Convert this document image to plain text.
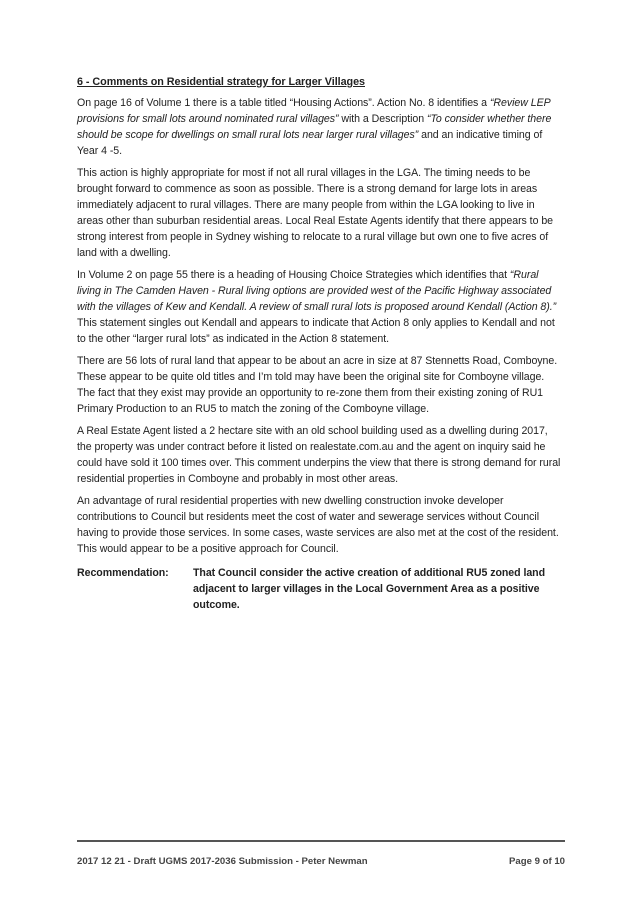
6 - Comments on Residential strategy for Larger Villages

On page 16 of Volume 1 there is a table titled “Housing Actions”. Action No. 8 identifies a “Review LEP provisions for small lots around nominated rural villages” with a Description “To consider whether there should be scope for dwellings on small rural lots near larger rural villages” and an indicative timing of Year 4 -5.

This action is highly appropriate for most if not all rural villages in the LGA. The timing needs to be brought forward to commence as soon as possible. There is a strong demand for large lots in areas immediately adjacent to rural villages. There are many people from within the LGA looking to live in areas other than suburban residential areas. Local Real Estate Agents identify that there appears to be strong interest from people in Sydney wishing to relocate to a rural village but own one to five acres of land with a dwelling.

In Volume 2 on page 55 there is a heading of Housing Choice Strategies which identifies that “Rural living in The Camden Haven - Rural living options are provided west of the Pacific Highway associated with the villages of Kew and Kendall. A review of small rural lots is proposed around Kendall (Action 8).” This statement singles out Kendall and appears to indicate that Action 8 only applies to Kendall and not to the other “larger rural lots” as indicated in the Action 8 statement.

There are 56 lots of rural land that appear to be about an acre in size at 87 Stennetts Road, Comboyne. These appear to be quite old titles and I’m told may have been the original site for Comboyne village. The fact that they exist may provide an opportunity to re-zone them from their existing zoning of RU1 Primary Production to an RU5 to match the zoning of the Comboyne village.

A Real Estate Agent listed a 2 hectare site with an old school building used as a dwelling during 2017, the property was under contract before it listed on realestate.com.au and the agent on inquiry said he could have sold it 100 times over. This comment underpins the view that there is strong demand for rural residential properties in Comboyne and probably in most other areas.

An advantage of rural residential properties with new dwelling construction invoke developer contributions to Council but residents meet the cost of water and sewerage services without Council having to provide those services. In some cases, waste services are also met at the cost of the resident. This would appear to be a positive approach for Council.

Recommendation:	That Council consider the active creation of additional RU5 zoned land adjacent to larger villages in the Local Government Area as a positive outcome.
2017 12 21 - Draft UGMS 2017-2036 Submission - Peter Newman	Page 9 of 10
